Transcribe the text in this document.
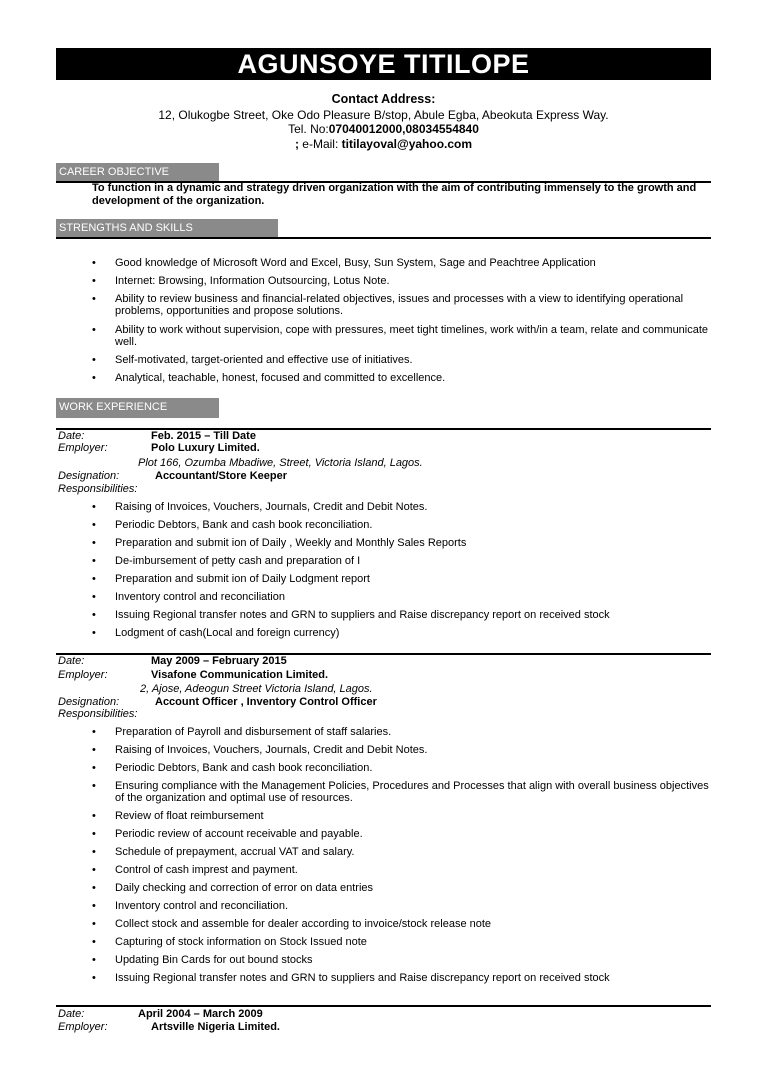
AGUNSOYE TITILOPE
Contact Address:
12, Olukogbe Street, Oke Odo Pleasure B/stop, Abule Egba, Abeokuta Express Way.
Tel. No:07040012000,08034554840
; e-Mail: titilayoval@yahoo.com
CAREER OBJECTIVE
To function in a dynamic and strategy driven organization with the aim of contributing immensely to the growth and development of the organization.
STRENGTHS AND SKILLS
• Good knowledge of Microsoft Word and Excel, Busy, Sun System, Sage and Peachtree Application
• Internet: Browsing, Information Outsourcing, Lotus Note.
• Ability to review business and financial-related objectives, issues and processes with a view to identifying operational problems, opportunities and propose solutions.
• Ability to work without supervision, cope with pressures, meet tight timelines, work with/in a team, relate and communicate well.
• Self-motivated, target-oriented and effective use of initiatives.
• Analytical, teachable, honest, focused and committed to excellence.
WORK EXPERIENCE
Date:	Feb. 2015 – Till Date
Employer:	Polo Luxury Limited.
Plot 166, Ozumba Mbadiwe, Street, Victoria Island, Lagos.
Designation:	Accountant/Store Keeper
Responsibilities:
• Raising of Invoices, Vouchers, Journals, Credit and Debit Notes.
• Periodic Debtors, Bank and cash book reconciliation.
• Preparation and submit ion of Daily , Weekly and Monthly Sales Reports
• De-imbursement of petty cash and preparation of I
• Preparation and submit ion of Daily Lodgment report
• Inventory control and reconciliation
• Issuing Regional transfer notes and GRN to suppliers and Raise discrepancy report on received stock
• Lodgment of cash(Local and foreign currency)
Date:	May 2009 – February 2015
Employer:	Visafone Communication Limited.
2, Ajose, Adeogun Street Victoria Island, Lagos.
Designation:	Account Officer , Inventory Control Officer
Responsibilities:
• Preparation of Payroll and disbursement of staff salaries.
• Raising of Invoices, Vouchers, Journals, Credit and Debit Notes.
• Periodic Debtors, Bank and cash book reconciliation.
• Ensuring compliance with the Management Policies, Procedures and Processes that align with overall business objectives of the organization and optimal use of resources.
• Review of float reimbursement
• Periodic review of account receivable and payable.
• Schedule of prepayment, accrual VAT and salary.
• Control of cash imprest and payment.
• Daily checking and correction of error on data entries
• Inventory control and reconciliation.
• Collect stock and assemble for dealer according to invoice/stock release note
• Capturing of stock information on Stock Issued note
• Updating Bin Cards for out bound stocks
• Issuing Regional transfer notes and GRN to suppliers and Raise discrepancy report on received stock
Date:	April 2004 – March 2009
Employer:	Artsville Nigeria Limited.
